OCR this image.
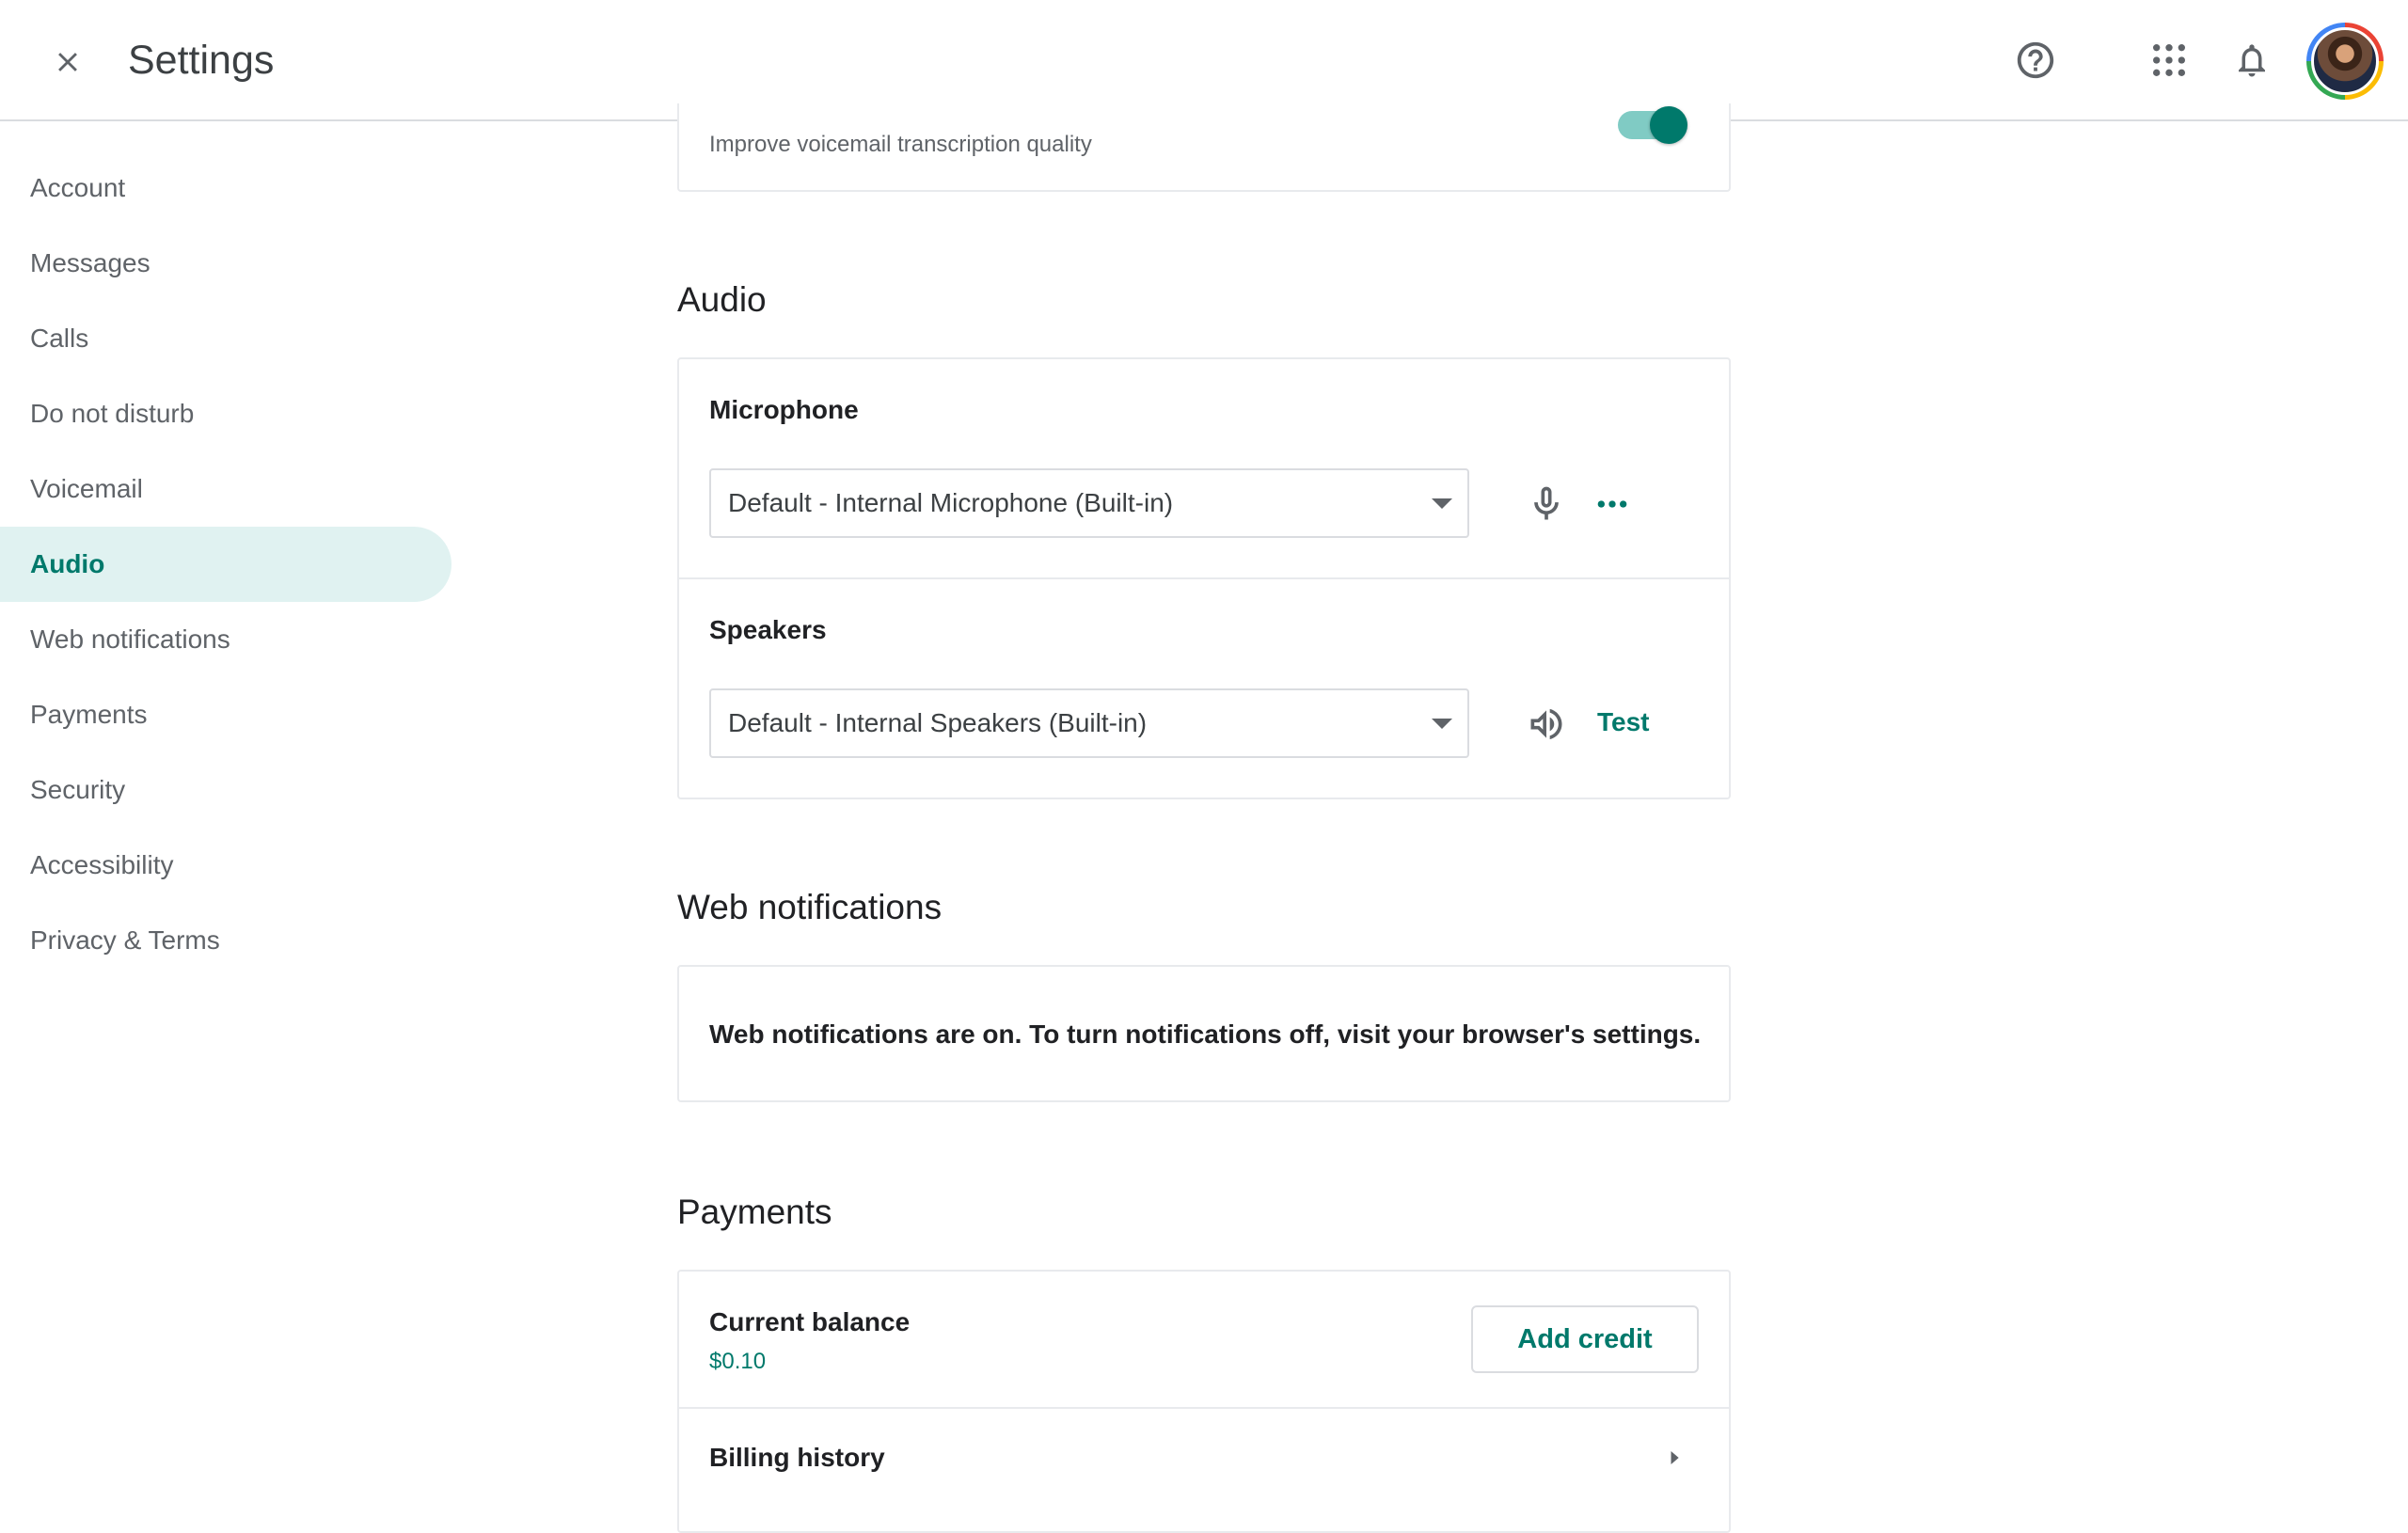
Settings
Account
Messages
Calls
Do not disturb
Voicemail
Audio
Web notifications
Payments
Security
Accessibility
Privacy & Terms
Improve voicemail transcription quality
Audio
Microphone
Default - Internal Microphone (Built-in)
Speakers
Default - Internal Speakers (Built-in)	Test
Web notifications
Web notifications are on. To turn notifications off, visit your browser's settings.
Payments
Current balance
$0.10
Add credit
Billing history
